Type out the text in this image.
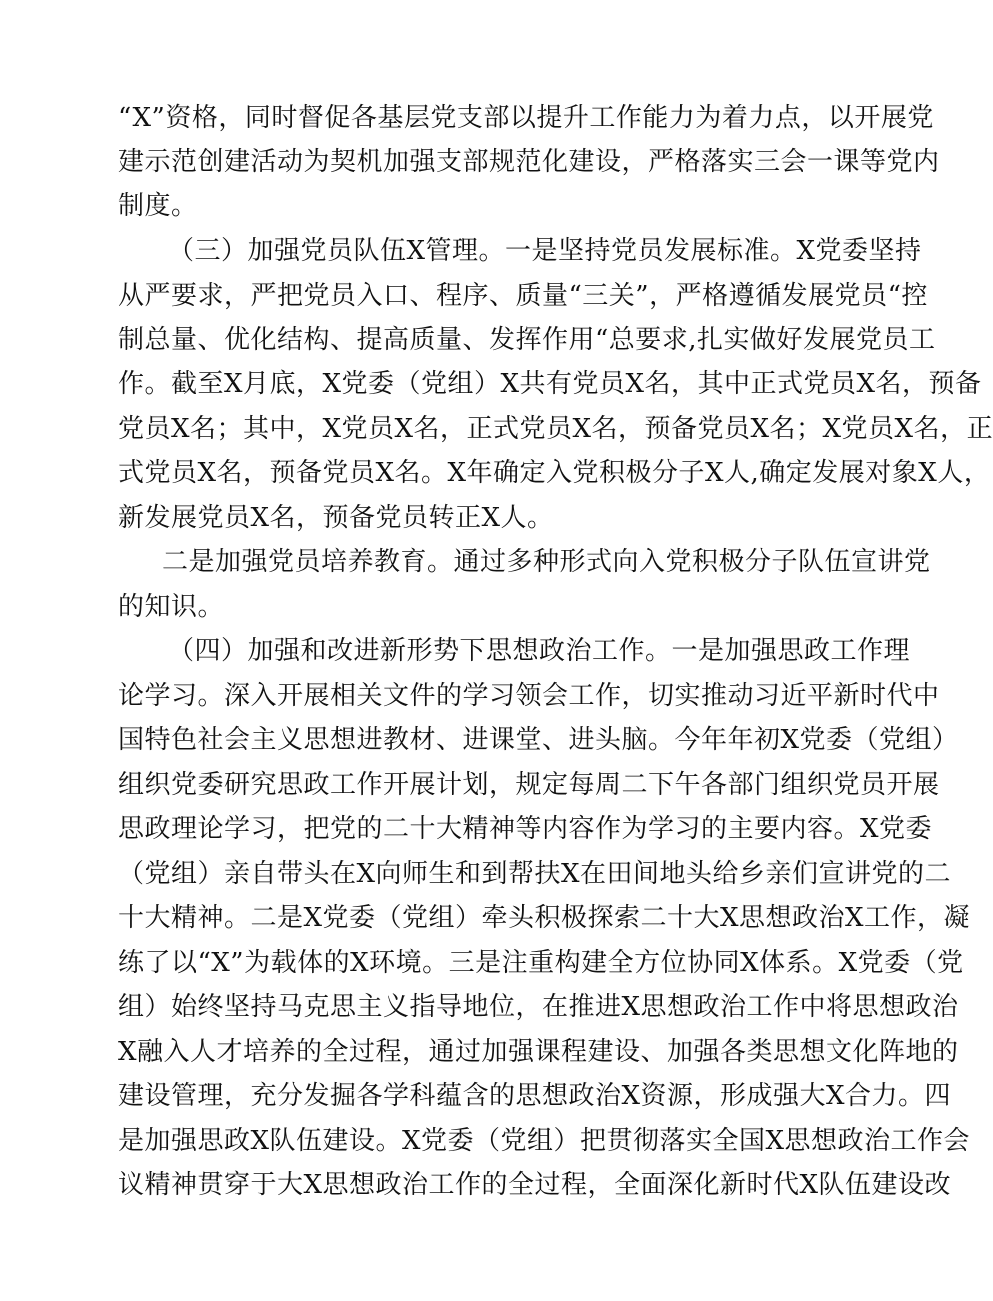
“X”资格，同时督促各基层党支部以提升工作能力为着力点，以开展党
建示范创建活动为契机加强支部规范化建设，严格落实三会一课等党内
制度。
（三）加强党员队伍X管理。一是坚持党员发展标准。X党委坚持
从严要求，严把党员入口、程序、质量“三关”，严格遵循发展党员“控
制总量、优化结构、提高质量、发挥作用“总要求,扎实做好发展党员工
作。截至X月底，X党委（党组）X共有党员X名，其中正式党员X名，预备
党员X名；其中，X党员X名，正式党员X名，预备党员X名；X党员X名，正
式党员X名，预备党员X名。X年确定入党积极分子X人,确定发展对象X人，
新发展党员X名，预备党员转正X人。
二是加强党员培养教育。通过多种形式向入党积极分子队伍宣讲党
的知识。
（四）加强和改进新形势下思想政治工作。一是加强思政工作理
论学习。深入开展相关文件的学习领会工作，切实推动习近平新时代中
国特色社会主义思想进教材、进课堂、进头脑。今年年初X党委（党组）
组织党委研究思政工作开展计划，规定每周二下午各部门组织党员开展
思政理论学习，把党的二十大精神等内容作为学习的主要内容。X党委
（党组）亲自带头在X向师生和到帮扶X在田间地头给乡亲们宣讲党的二
十大精神。二是X党委（党组）牵头积极探索二十大X思想政治X工作，凝
练了以“X”为载体的X环境。三是注重构建全方位协同X体系。X党委（党
组）始终坚持马克思主义指导地位，在推进X思想政治工作中将思想政治
X融入人才培养的全过程，通过加强课程建设、加强各类思想文化阵地的
建设管理，充分发掘各学科蕴含的思想政治X资源，形成强大X合力。四
是加强思政X队伍建设。X党委（党组）把贯彻落实全国X思想政治工作会
议精神贯穿于大X思想政治工作的全过程，全面深化新时代X队伍建设改
